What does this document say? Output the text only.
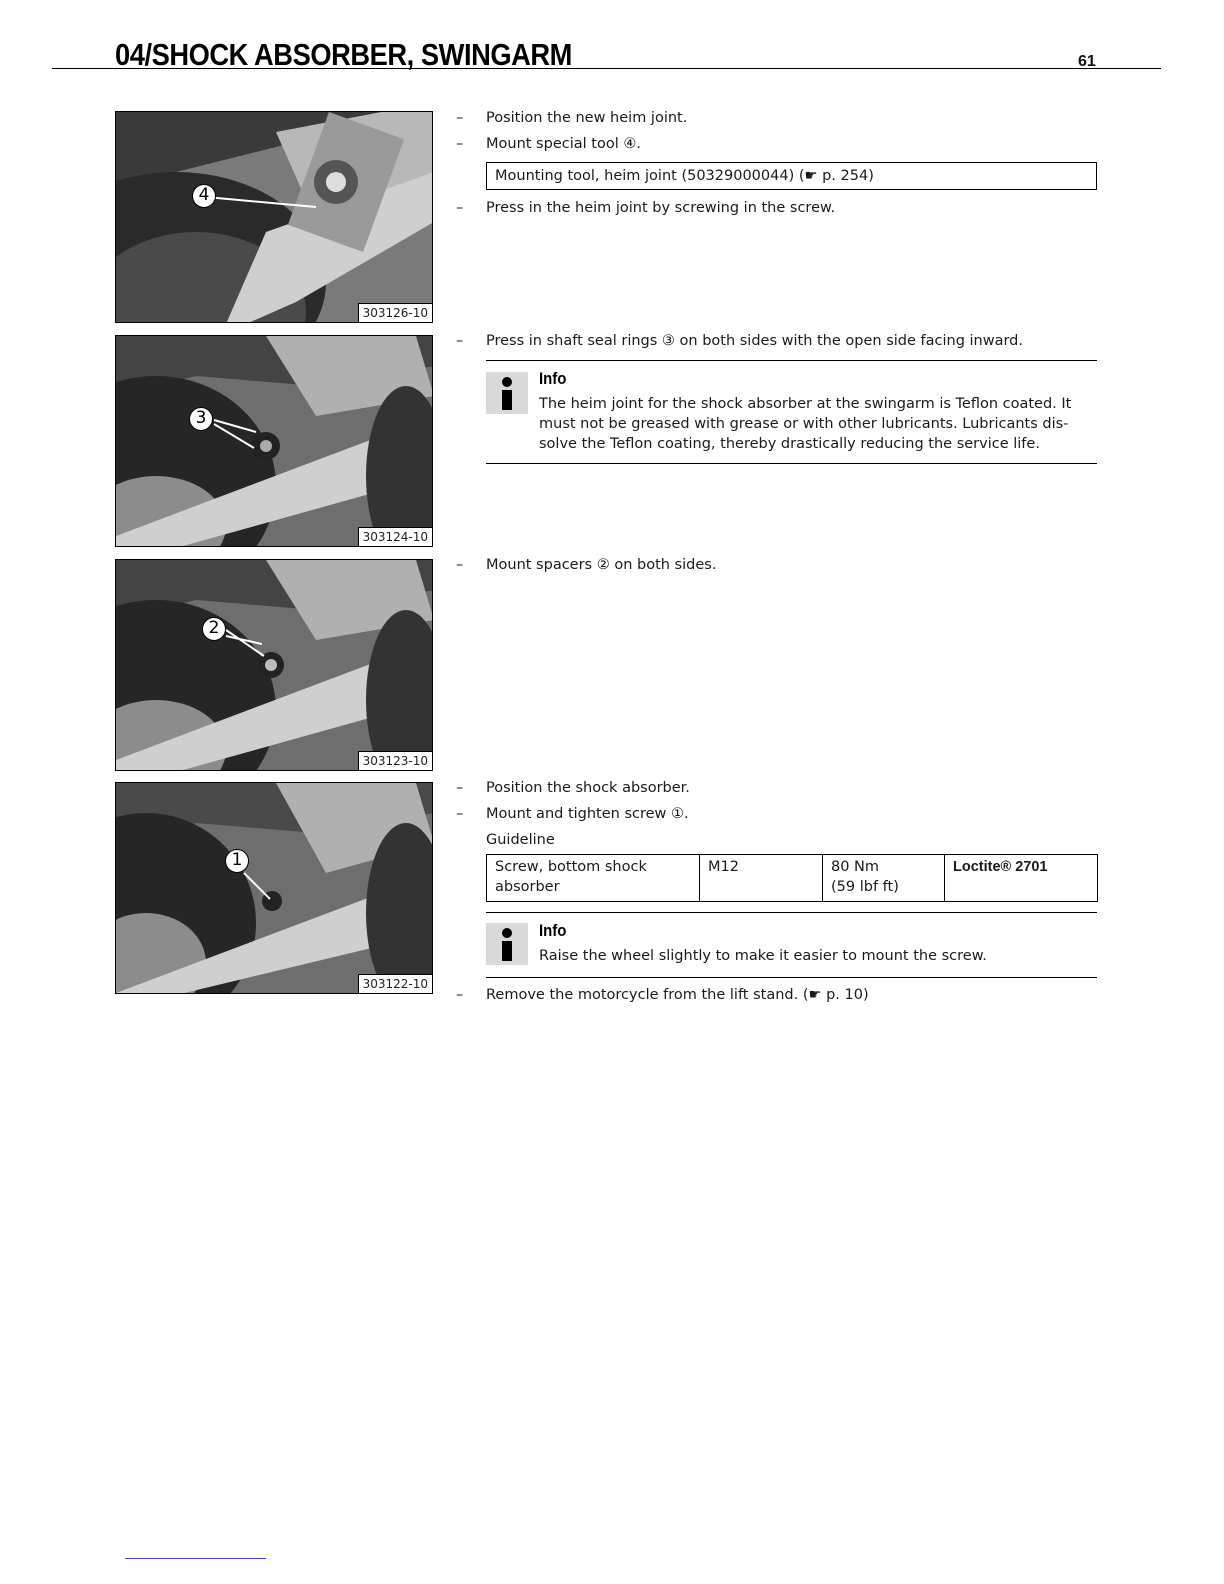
04/SHOCK ABSORBER, SWINGARM	61
4
303126-10
3
303124-10
2
303123-10
1
303122-10
– Position the new heim joint.
– Mount special tool ④.
Mounting tool, heim joint (50329000044) (☛ p. 254)
– Press in the heim joint by screwing in the screw.
– Press in shaft seal rings ③ on both sides with the open side facing inward.
Info
The heim joint for the shock absorber at the swingarm is Teflon coated. It
must not be greased with grease or with other lubricants. Lubricants dis-
solve the Teflon coating, thereby drastically reducing the service life.
– Mount spacers ② on both sides.
– Position the shock absorber.
– Mount and tighten screw ①.
Guideline
Screw, bottom shock
absorber
	M12	80 Nm
(59 lbf ft)
	Loctite® 2701
Info
Raise the wheel slightly to make it easier to mount the screw.
– Remove the motorcycle from the lift stand. (☛ p. 10)
